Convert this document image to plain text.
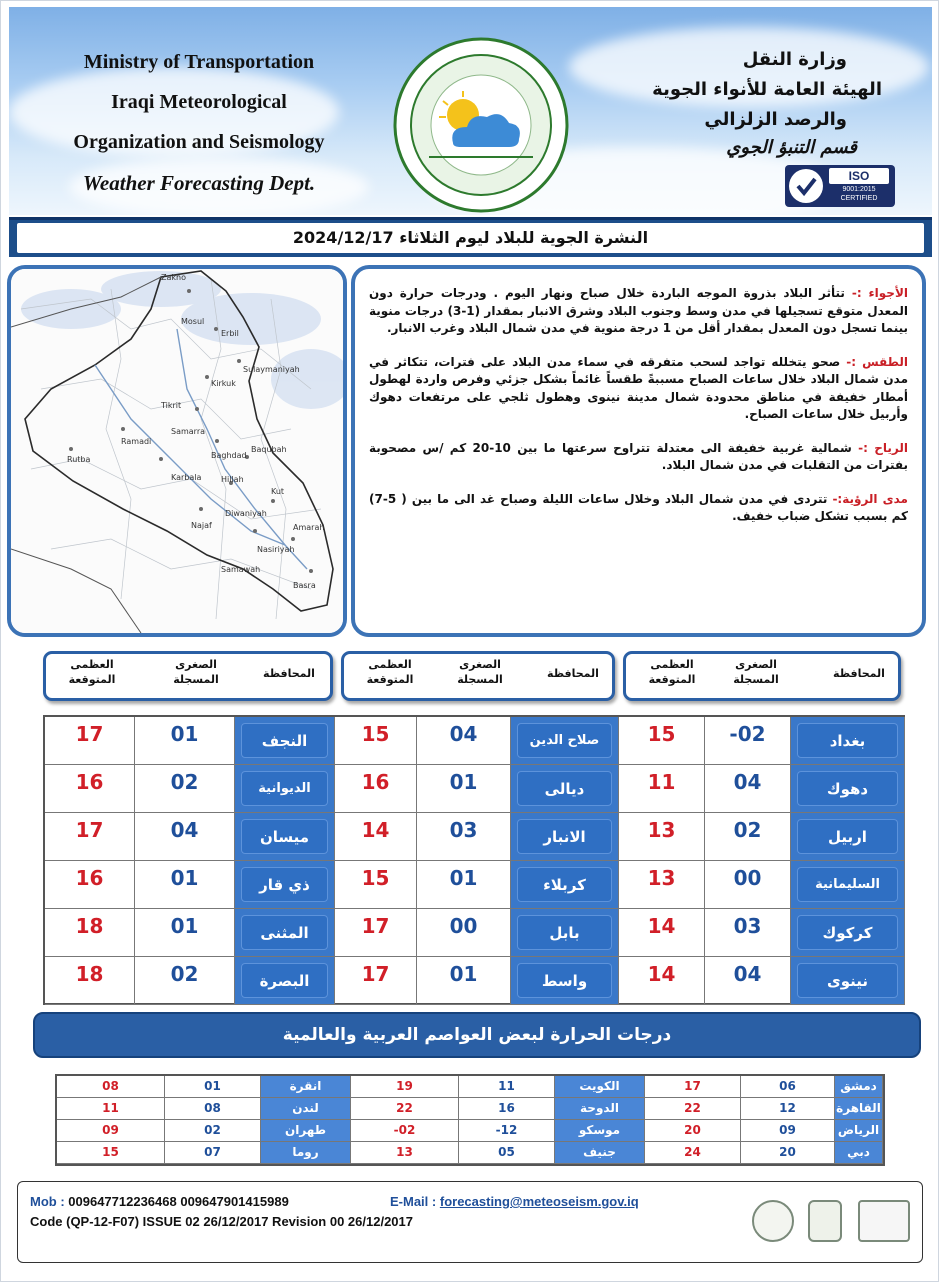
Ministry of Transportation
Iraqi Meteorological
Organization and Seismology
Weather Forecasting Dept.
وزارة النقل
الهيئة العامة للأنواء الجوية
والرصد الزلزالي
قسم التنبؤ الجوي
ISO
9001:2015
CERTIFIED
النشرة الجوية للبلاد ليوم الثلاثاء 2024/12/17
Zakho
Mosul
Erbil
Sulaymaniyah
Kirkuk
Tikrit
Samarra
Ramadi
Baghdad
Baqubah
Kut
Hillah
Karbala
Najaf
Diwaniyah
Amarah
Nasiriyah
Basra
Samawah
Rutba

الأجواء :- تتأثر البلاد بذروة الموجه الباردة خلال صباح ونهار اليوم . ودرجات حرارة دون المعدل متوقع تسجيلها في مدن وسط وجنوب البلاد وشرق الانبار بمقدار (1-3) درجات منوية بينما تسجل دون المعدل بمقدار أقل من 1 درجة منوية في مدن شمال البلاد وغرب الانبار.

الطقس :- صحو يتخلله تواجد لسحب متفرقه في سماء مدن البلاد على فترات، تتكاثر في مدن شمال البلاد خلال ساعات الصباح مسببةً طقساً غائماً بشكل جزئي وفرص واردة لهطول أمطار خفيفة في مناطق محدودة شمال مدينة نينوى وهطول ثلجي على مرتفعات دهوك وأربيل خلال ساعات الصباح.

الرياح :- شمالية غربية خفيفة الى معتدلة تتراوح سرعتها ما بين 10-20 كم /س مصحوبة بفترات من التقلبات في مدن شمال البلاد.

مدى الرؤية:- تتردى في مدن شمال البلاد وخلال ساعات الليلة وصباح غد الى ما بين ( 5-7) كم بسبب تشكل ضباب خفيف.

العظمى
المتوقعة
الصغرى
المسجلة	المحافظة
العظمى
المتوقعة
الصغرى
المسجلة	المحافظة
العظمى
المتوقعة
الصغرى
المسجلة	المحافظة
17	01	النجف
16	02	الديوانية
17	04	ميسان
16	01	ذي قار
18	01	المثنى
18	02	البصرة
15	04	صلاح الدين
16	01	ديالى
14	03	الانبار
15	01	كربلاء
17	00	بابل
17	01	واسط
15	-02	بغداد
11	04	دهوك
13	02	اربيل
13	00	السليمانية
14	03	كركوك
14	04	نينوى
درجات الحرارة لبعض العواصم العربية والعالمية
08	01	انقرة
11	08	لندن
09	02	طهران
15	07	روما
19	11	الكويت
22	16	الدوحة
-02	-12	موسكو
13	05	جنيف
17	06	دمشق
22	12	القاهرة
20	09	الرياض
24	20	دبي
Mob : 009647712236468 009647901415989	E-Mail : forecasting@meteoseism.gov.iq
Code (QP-12-F07) ISSUE 02 26/12/2017 Revision 00 26/12/2017
